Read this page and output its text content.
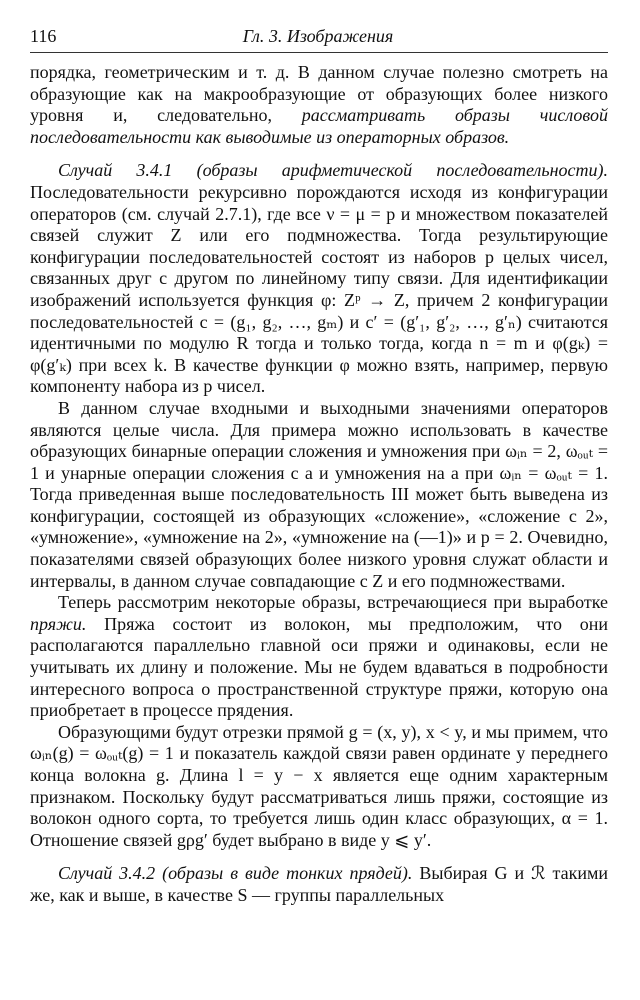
116	Гл. 3. Изображения

порядка, геометрическим и т. д. В данном случае полезно смотреть на образующие как на макрообразующие от образующих более низкого уровня и, следовательно, рассматривать образы числовой последовательности как выводимые из операторных образов.

Случай 3.4.1 (образы арифметической последовательности). Последовательности рекурсивно порождаются исходя из конфигурации операторов (см. случай 2.7.1), где все ν = μ = p и множеством показателей связей служит Z или его подмножества. Тогда результирующие конфигурации последовательностей состоят из наборов p целых чисел, связанных друг с другом по линейному типу связи. Для идентификации изображений используется функция φ: Zᵖ → Z, причем 2 конфигурации последовательностей c = (g₁, g₂, …, gₘ) и c′ = (g′₁, g′₂, …, g′ₙ) считаются идентичными по модулю R тогда и только тогда, когда n = m и φ(gₖ) = φ(g′ₖ) при всех k. В качестве функции φ можно взять, например, первую компоненту набора из p чисел.

В данном случае входными и выходными значениями операторов являются целые числа. Для примера можно использовать в качестве образующих бинарные операции сложения и умножения при ωᵢₙ = 2, ωₒᵤₜ = 1 и унарные операции сложения с a и умножения на a при ωᵢₙ = ωₒᵤₜ = 1. Тогда приведенная выше последовательность III может быть выведена из конфигурации, состоящей из образующих «сложение», «сложение с 2», «умножение», «умножение на 2», «умножение на (—1)» и p = 2. Очевидно, показателями связей образующих более низкого уровня служат области и интервалы, в данном случае совпадающие с Z и его подмножествами.

Теперь рассмотрим некоторые образы, встречающиеся при выработке пряжи. Пряжа состоит из волокон, мы предположим, что они располагаются параллельно главной оси пряжи и одинаковы, если не учитывать их длину и положение. Мы не будем вдаваться в подробности интересного вопроса о пространственной структуре пряжи, которую она приобретает в процессе прядения.

Образующими будут отрезки прямой g = (x, y), x < y, и мы примем, что ωᵢₙ(g) = ωₒᵤₜ(g) = 1 и показатель каждой связи равен ординате y переднего конца волокна g. Длина l = y − x является еще одним характерным признаком. Поскольку будут рассматриваться лишь пряжи, состоящие из волокон одного сорта, то требуется лишь один класс образующих, α = 1. Отношение связей gρg′ будет выбрано в виде y ⩽ y′.

Случай 3.4.2 (образы в виде тонких прядей). Выбирая G и ℛ такими же, как и выше, в качестве S — группы параллельных
